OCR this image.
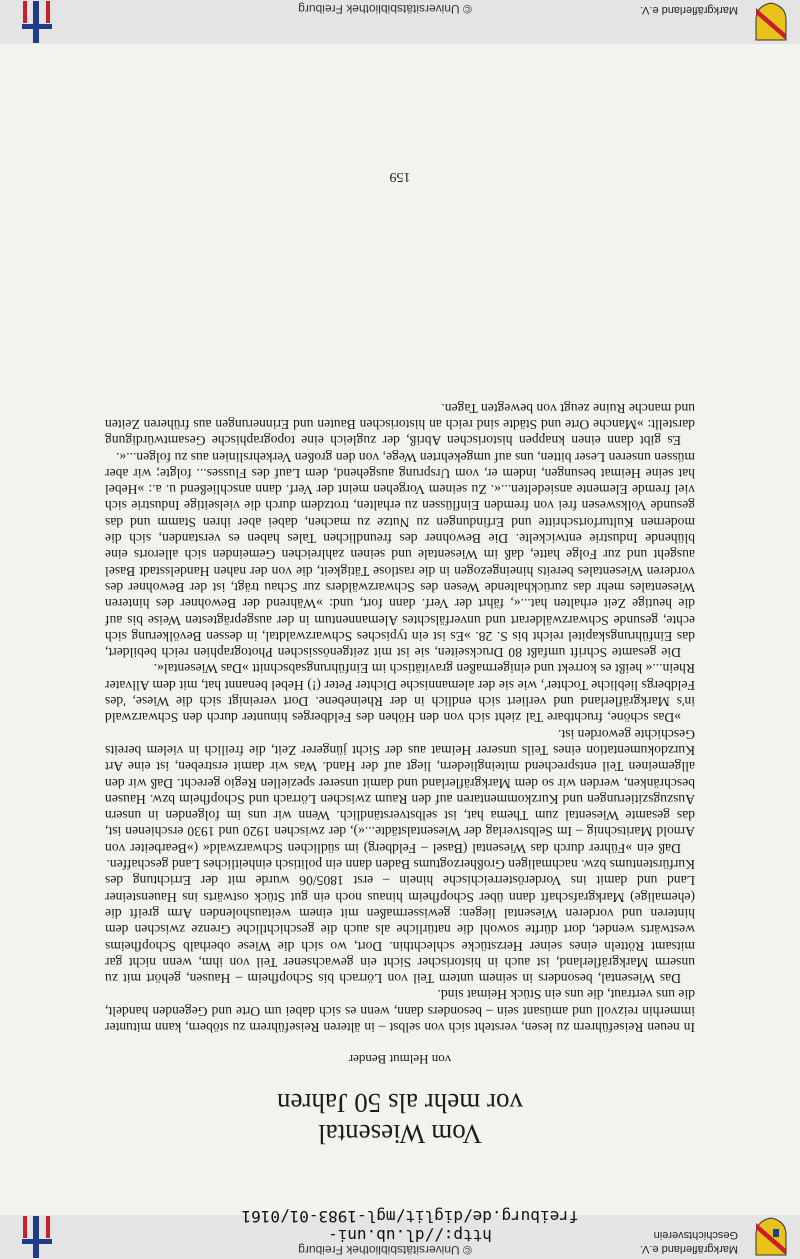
http://dl.ub.uni-freiburg.de/diglit/mgl-1983-01/0161
© Universitätsbibliothek Freiburg	Markgräflerland e.V.
Geschichtsverein
Vom Wiesental
vor mehr als 50 Jahren
von Helmut Bender

In neuen Reiseführern zu lesen, versteht sich von selbst – in älteren Reiseführern zu stöbern, kann mitunter immerhin reizvoll und amüsant sein – besonders dann, wenn es sich dabei um Orte und Gegenden handelt, die uns vertraut, die uns ein Stück Heimat sind.

Das Wiesental, besonders in seinem untern Teil von Lörrach bis Schopfheim – Hausen, gehört mit zu unserm Markgräflerland, ist auch in historischer Sicht ein gewachsener Teil von ihm, wenn nicht gar mitsamt Rötteln eines seiner Herzstücke schlechthin. Dort, wo sich die Wiese oberhalb Schopfheims westwärts wendet, dort dürfte sowohl die natürliche als auch die geschichtliche Grenze zwischen dem hinteren und vorderen Wiesental liegen: gewissermaßen mit einem weitausholenden Arm greift die (ehemalige) Markgrafschaft dann über Schopfheim hinaus noch ein gut Stück ostwärts ins Hauensteiner Land und damit ins Vorderösterreichische hinein – erst 1805/06 wurde mit der Errichtung des Kurfürstentums bzw. nachmaligen Großherzogtums Baden dann ein politisch einheitliches Land geschaffen.

Daß ein »Führer durch das Wiesental (Basel – Feldberg) im südlichen Schwarzwald« (»Bearbeiter von Arnold Maritschnig – Im Selbstverlag der Wiesentalstädte...«), der zwischen 1920 und 1930 erschienen ist, das gesamte Wiesental zum Thema hat, ist selbstverständlich. Wenn wir uns im folgenden in unsern Auszugszitierungen und Kurzkommentaren auf den Raum zwischen Lörrach und Schopfheim bzw. Hausen beschränken, werden wir so dem Markgräflerland und damit unserer speziellen Regio gerecht. Daß wir den allgemeinen Teil entsprechend miteingliedern, liegt auf der Hand. Was wir damit erstreben, ist eine Art Kurzdokumentation eines Teils unserer Heimat aus der Sicht jüngerer Zeit, die freilich in vielem bereits Geschichte geworden ist.

»Das schöne, fruchtbare Tal zieht sich von den Höhen des Feldberges hinunter durch den Schwarzwald in's Markgräflerland und verliert sich endlich in der Rheinebene. Dort vereinigt sich die Wiese, 'des Feldbergs liebliche Tochter', wie sie der alemannische Dichter Peter (!) Hebel benannt hat, mit dem Allvater Rhein...« heißt es korrekt und einigermaßen gravitätisch im Einführungsabschnitt »Das Wiesental«.

Die gesamte Schrift umfaßt 80 Druckseiten, sie ist mit zeitgenössischen Photographien reich bebildert, das Einführungskapitel reicht bis S. 28. »Es ist ein typisches Schwarzwaldtal, in dessen Bevölkerung sich echte, gesunde Schwarzwälderart und unverfälschtes Alemannentum in der ausgeprägtesten Weise bis auf die heutige Zeit erhalten hat...«, fährt der Verf. dann fort, und: »Während der Bewohner des hinteren Wiesentales mehr das zurückhaltende Wesen des Schwarzwälders zur Schau trägt, ist der Bewohner des vorderen Wiesentales bereits hineingezogen in die rastlose Tätigkeit, die von der nahen Handelsstadt Basel ausgeht und zur Folge hatte, daß im Wiesentale und seinen zahlreichen Gemeinden sich allerorts eine blühende Industrie entwickelte. Die Bewohner des freundlichen Tales haben es verstanden, sich die modernen Kulturfortschritte und Erfindungen zu Nutze zu machen, dabei aber ihren Stamm und das gesunde Volkswesen frei von fremden Einflüssen zu erhalten, trotzdem durch die vielseitige Industrie sich viel fremde Elemente ansiedelten...«. Zu seinem Vorgehen meint der Verf. dann anschließend u. a.: »Hebel hat seine Heimat besungen, indem er, vom Ursprung ausgehend, dem Lauf des Flusses... folgte; wir aber müssen unseren Leser bitten, uns auf umgekehrten Wege, von den großen Verkehrslinien aus zu folgen...«.

Es gibt dann einen knappen historischen Abriß, der zugleich eine topographische Gesamtwürdigung darstellt: »Manche Orte und Städte sind reich an historischen Bauten und Erinnerungen aus früheren Zeiten und manche Ruine zeugt von bewegten Tagen.

159
© Universitätsbibliothek Freiburg	Markgräflerland e.V.
